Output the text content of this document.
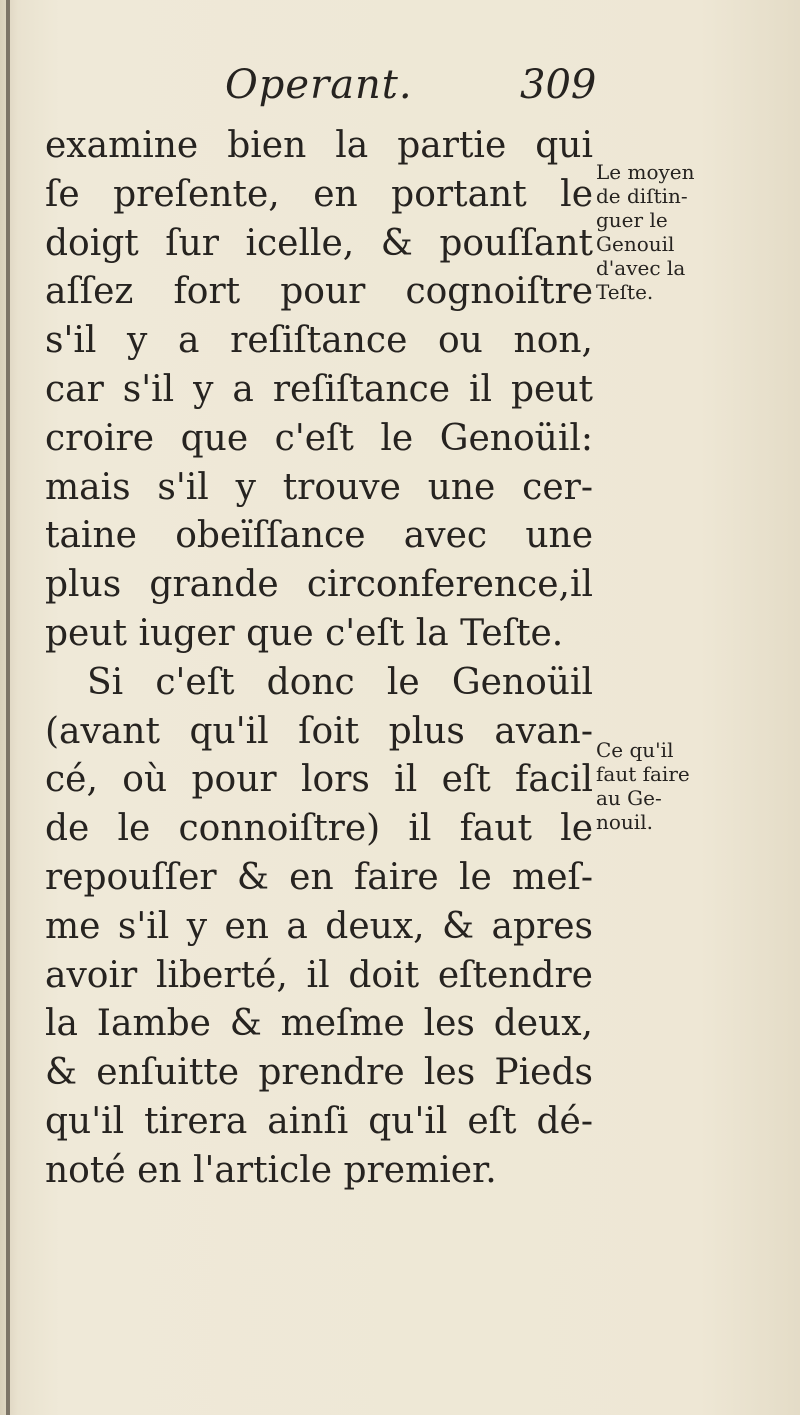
Operant.	309
examine bien la partie qui
ſe preſente, en portant le
doigt ſur icelle, & pouſſant
aſſez fort pour cognoiſtre
s'il y a reſiſtance ou non,
car s'il y a reſiſtance il peut
croire que c'eſt le Genoüil:
mais s'il y trouve une cer-
taine obeïſſance avec une
plus grande circonference,il
peut iuger que c'eſt la Teſte.
Si c'eſt donc le Genoüil
(avant qu'il ſoit plus avan-
cé, où pour lors il eſt facil
de le connoiſtre) il faut le
repouſſer & en faire le meſ-
me s'il y en a deux, & apres
avoir liberté, il doit eſtendre
la Iambe & meſme les deux,
& enſuitte prendre les Pieds
qu'il tirera ainſi qu'il eſt dé-
noté en l'article premier.
Le moyen
de diſtin-
guer le
Genouil
d'avec la
Teſte.
Ce qu'il
faut faire
au Ge-
nouil.
